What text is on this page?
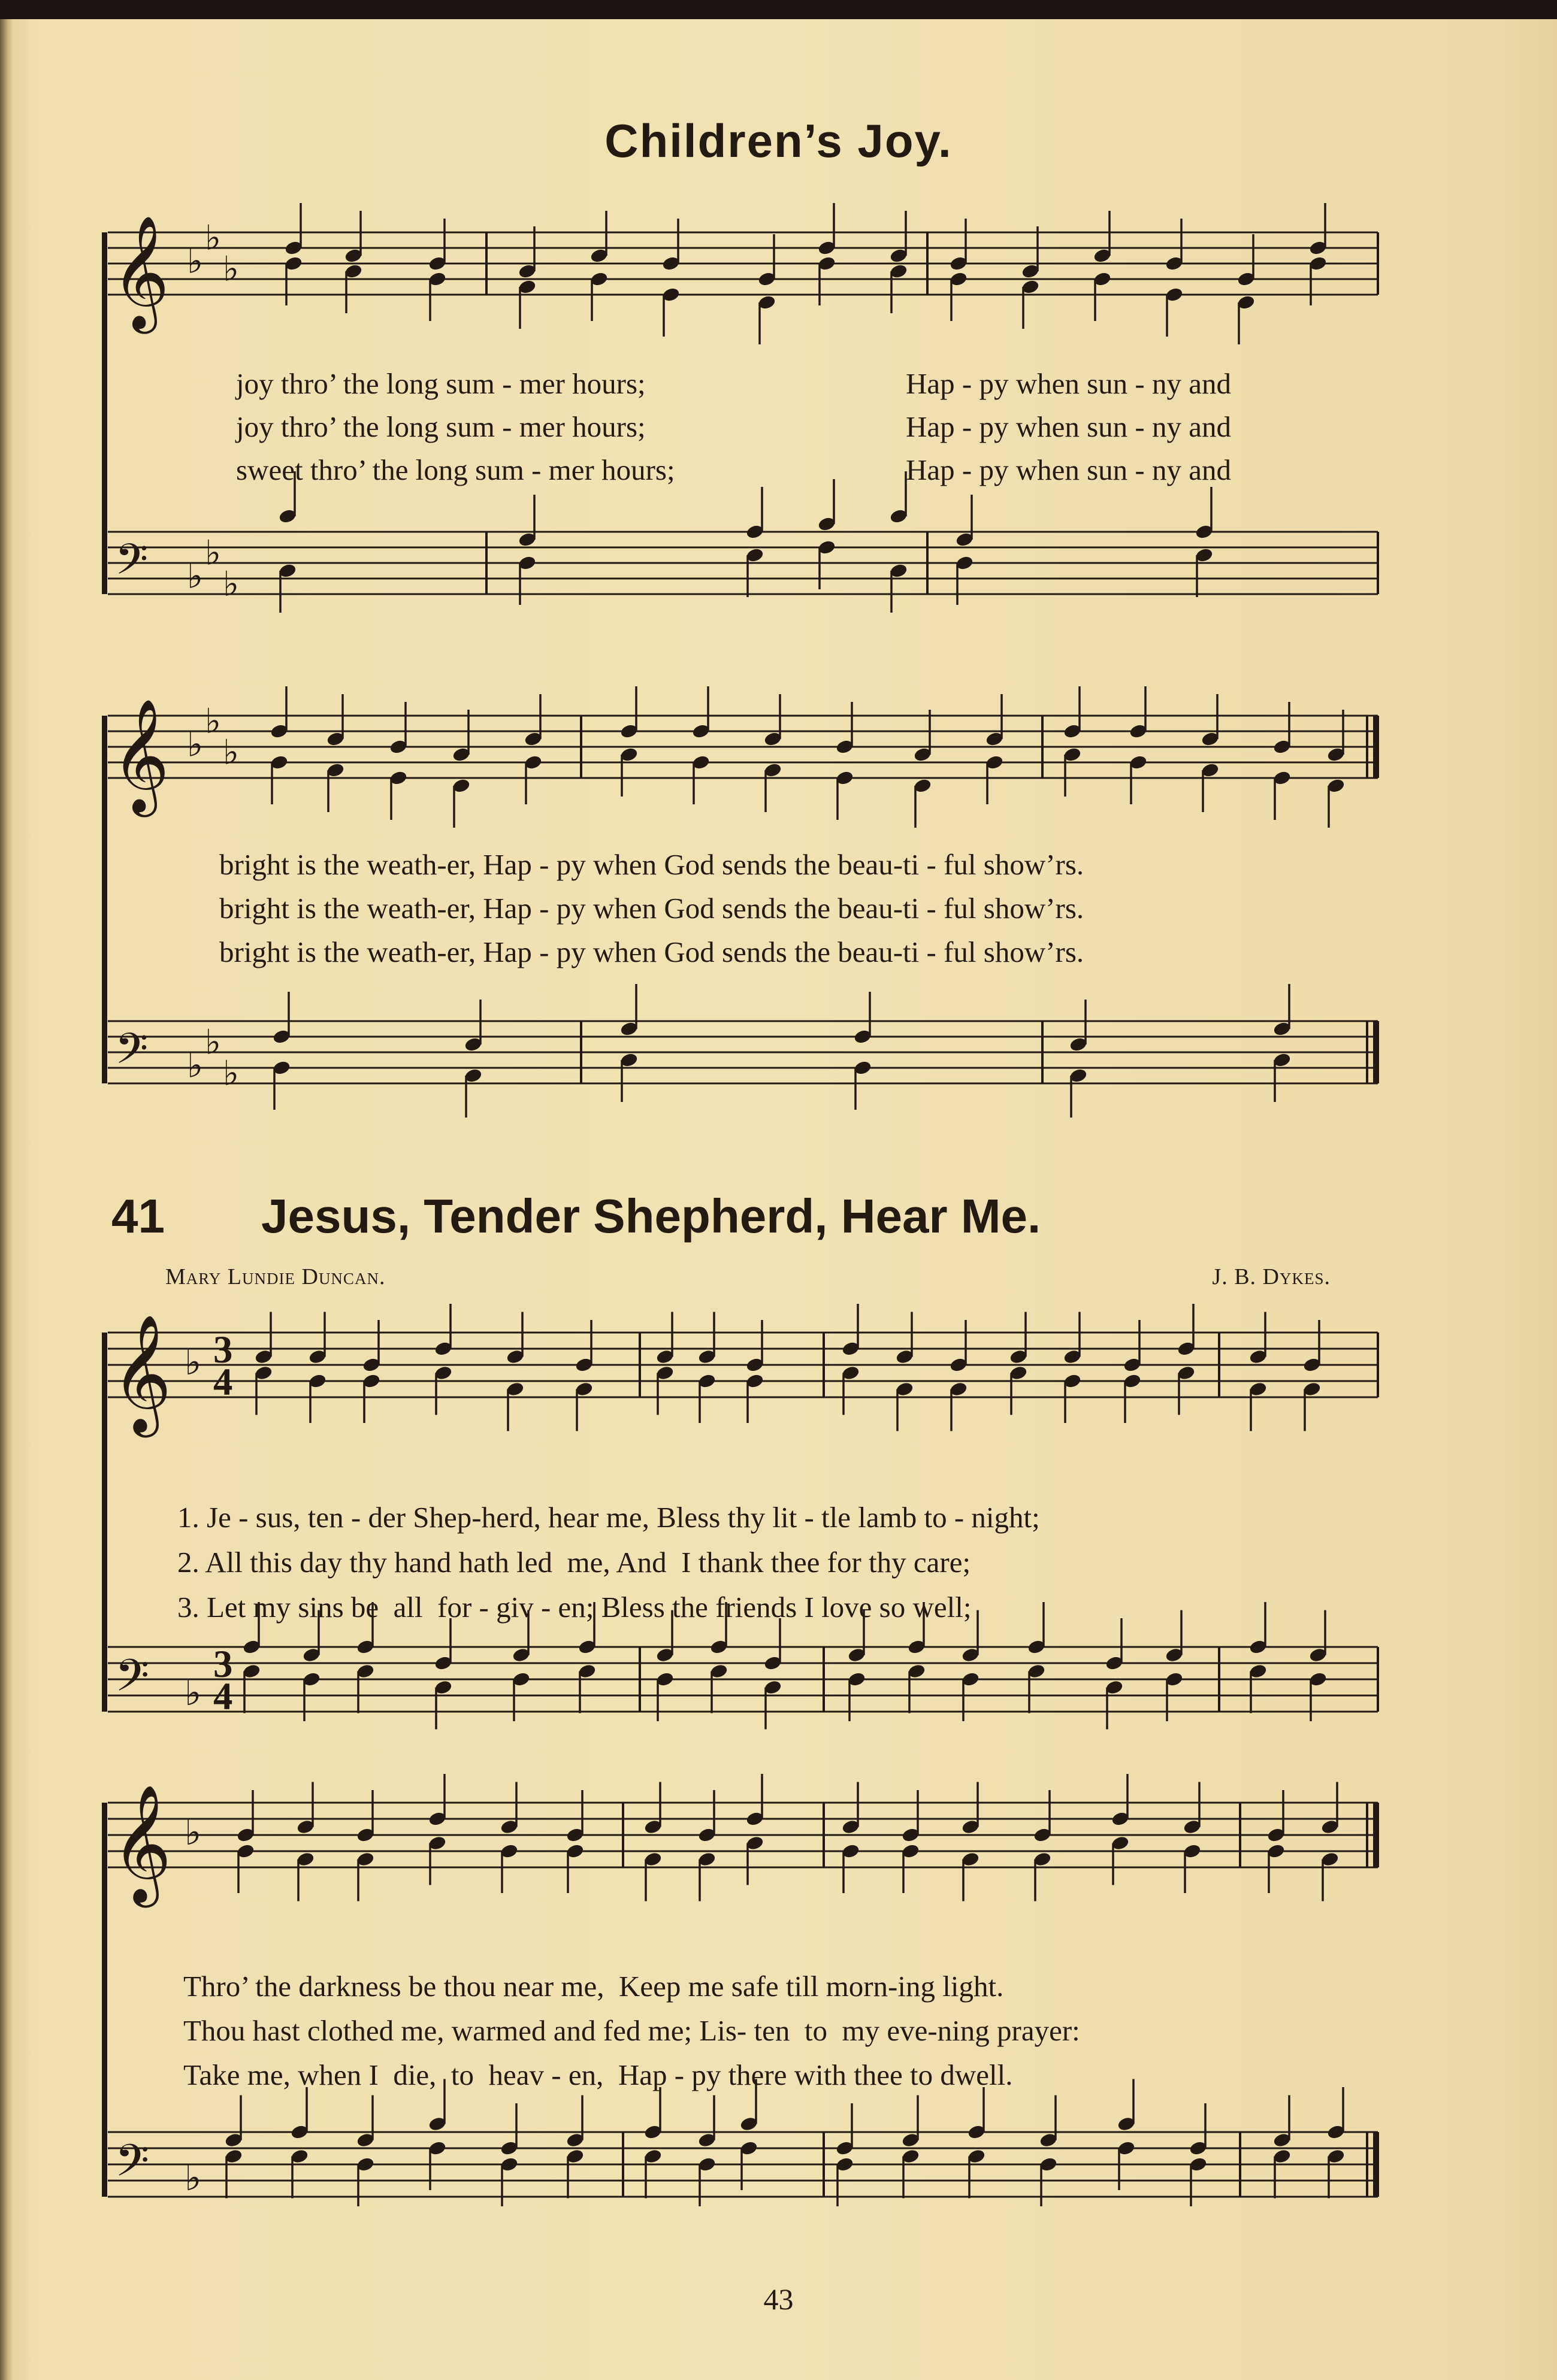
Children’s Joy.
𝄞 ♭
♭
♭
𝄢 ♭
♭
♭
𝄞 ♭
♭
♭
𝄢 ♭
♭
♭
𝄞 ♭ 3
4
𝄢 ♭
3
4
𝄞 ♭
𝄢 ♭
joy thro’ the long sum - mer hours;	Hap - py when sun - ny and
joy thro’ the long sum - mer hours;	Hap - py when sun - ny and
sweet thro’ the long sum - mer hours;	Hap - py when sun - ny and
bright is the weath-er, Hap - py when God sends the beau-ti - ful show’rs.
bright is the weath-er, Hap - py when God sends the beau-ti - ful show’rs.
bright is the weath-er, Hap - py when God sends the beau-ti - ful show’rs.
41 Jesus, Tender Shepherd, Hear Me.
Mary Lundie Duncan.	J. B. Dykes.
1. Je - sus, ten - der Shep-herd, hear me, Bless thy lit - tle lamb to - night;
2. All this day thy hand hath led  me, And  I thank thee for thy care;
3. Let my sins be  all  for - giv - en; Bless the friends I love so well;
Thro’ the darkness be thou near me,  Keep me safe till morn-ing light.
Thou hast clothed me, warmed and fed me; Lis- ten  to  my eve-ning prayer:
Take me, when I  die,  to  heav - en,  Hap - py there with thee to dwell.
43
